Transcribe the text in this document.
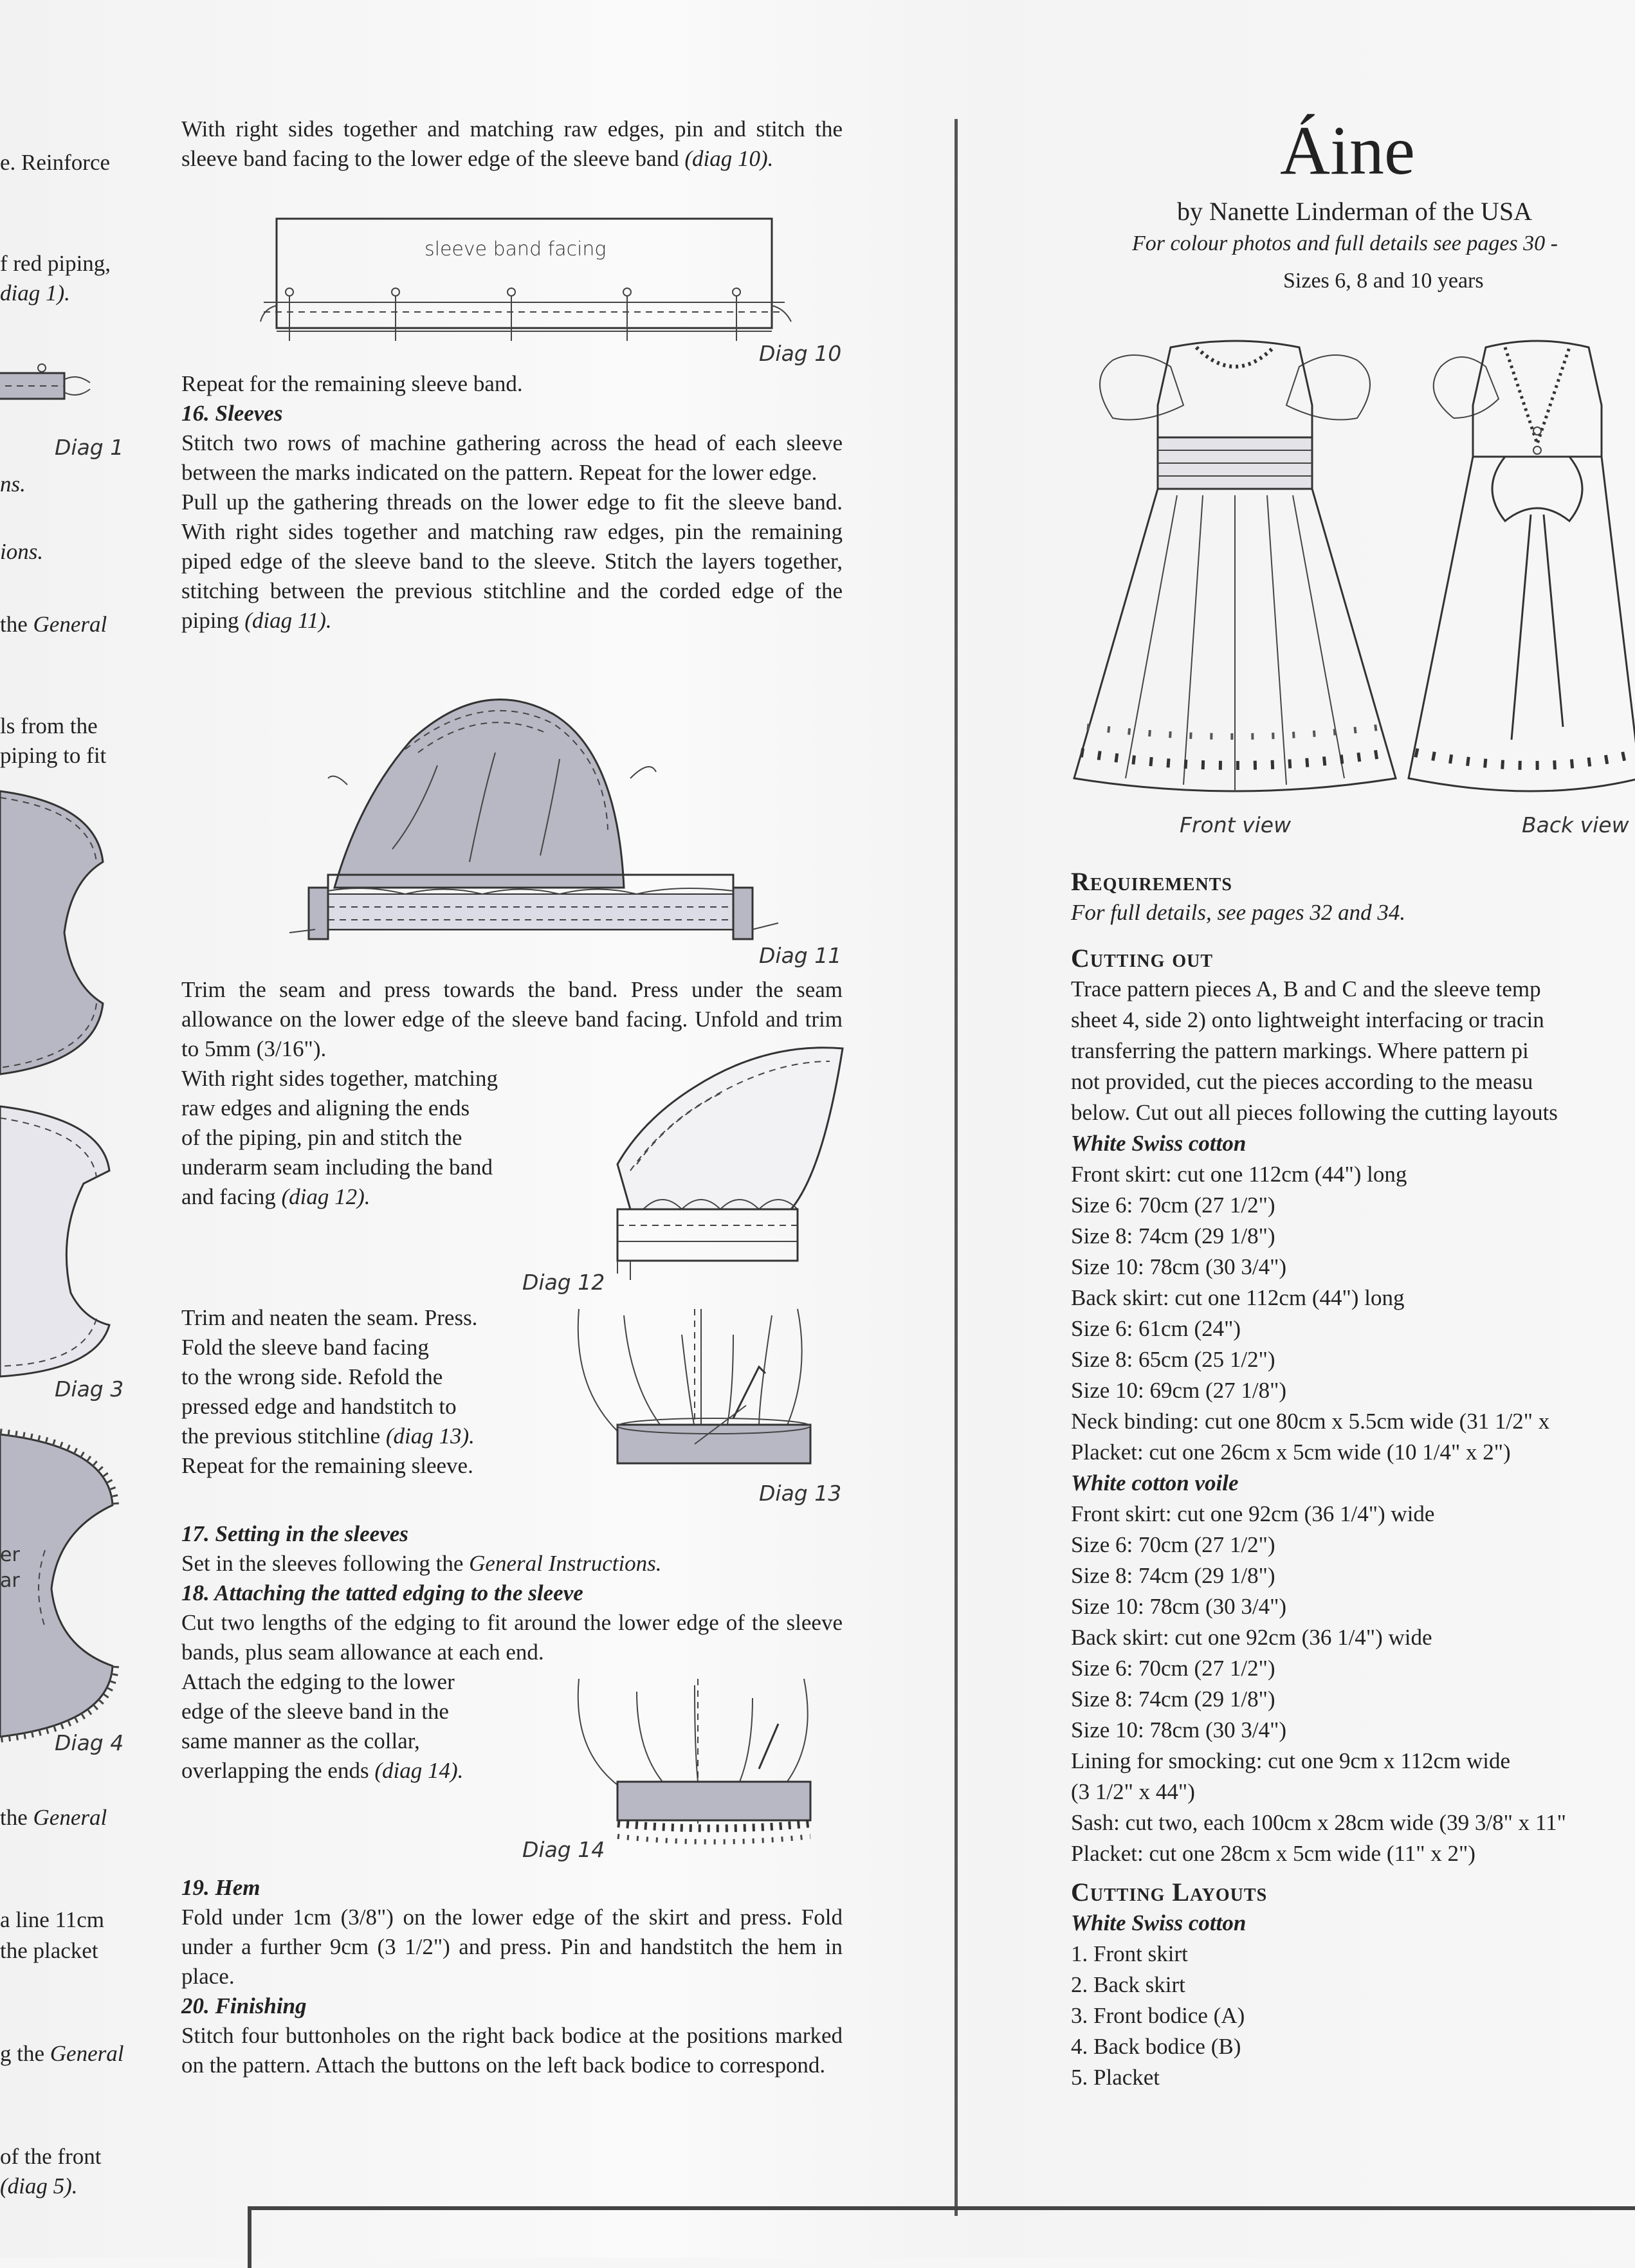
e. Reinforce
f red piping,
diag 1).
ns.
ions.
the General
ls from the
piping to fit
the General
a line 11cm
the placket
g the General
of the front
(diag 5).
Diag 1
Diag 3
er
ar
Diag 4

With right sides together and matching raw edges, pin and stitch the sleeve band facing to the lower edge of the sleeve band (diag 10).

sleeve band facing
Diag 10

Repeat for the remaining sleeve band.

16. Sleeves

Stitch two rows of machine gathering across the head of each sleeve between the marks indicated on the pattern. Repeat for the lower edge.

Pull up the gathering threads on the lower edge to fit the sleeve band. With right sides together and matching raw edges, pin the remaining piped edge of the sleeve band to the sleeve. Stitch the layers together, stitching between the previous stitchline and the corded edge of the piping (diag 11).

Diag 11

Trim the seam and press towards the band. Press under the seam allowance on the lower edge of the sleeve band facing. Unfold and trim to 5mm (3/16").

With right sides together, matching

raw edges and aligning the ends

of the piping, pin and stitch the

underarm seam including the band

and facing (diag 12).

Diag 12

Trim and neaten the seam. Press.

Fold the sleeve band facing

to the wrong side. Refold the

pressed edge and handstitch to

the previous stitchline (diag 13).

Repeat for the remaining sleeve.

Diag 13

17. Setting in the sleeves

Set in the sleeves following the General Instructions.

18. Attaching the tatted edging to the sleeve

Cut two lengths of the edging to fit around the lower edge of the sleeve bands, plus seam allowance at each end.

Attach the edging to the lower

edge of the sleeve band in the

same manner as the collar,

overlapping the ends (diag 14).

Diag 14

19. Hem

Fold under 1cm (3/8") on the lower edge of the skirt and press. Fold under a further 9cm (3 1/2") and press. Pin and handstitch the hem in place.

20. Finishing

Stitch four buttonholes on the right back bodice at the positions marked on the pattern. Attach the buttons on the left back bodice to correspond.

Áine
by Nanette Linderman of the USA
For colour photos and full details see pages 30 -
Sizes 6, 8 and 10 years
Front view	Back view

Requirements

For full details, see pages 32 and 34.

Cutting out

Trace pattern pieces A, B and C and the sleeve temp

sheet 4, side 2) onto lightweight interfacing or tracin

transferring the pattern markings. Where pattern pi

not provided, cut the pieces according to the measu

below. Cut out all pieces following the cutting layouts

White Swiss cotton

Front skirt: cut one 112cm (44") long

Size 6: 70cm (27 1/2")

Size 8: 74cm (29 1/8")

Size 10: 78cm (30 3/4")

Back skirt: cut one 112cm (44") long

Size 6: 61cm (24")

Size 8: 65cm (25 1/2")

Size 10: 69cm (27 1/8")

Neck binding: cut one 80cm x 5.5cm wide (31 1/2" x

Placket: cut one 26cm x 5cm wide (10 1/4" x 2")

White cotton voile

Front skirt: cut one 92cm (36 1/4") wide

Size 6: 70cm (27 1/2")

Size 8: 74cm (29 1/8")

Size 10: 78cm (30 3/4")

Back skirt: cut one 92cm (36 1/4") wide

Size 6: 70cm (27 1/2")

Size 8: 74cm (29 1/8")

Size 10: 78cm (30 3/4")

Lining for smocking: cut one 9cm x 112cm wide

(3 1/2" x 44")

Sash: cut two, each 100cm x 28cm wide (39 3/8" x 11"

Placket: cut one 28cm x 5cm wide (11" x 2")

Cutting Layouts

White Swiss cotton

1. Front skirt

2. Back skirt

3. Front bodice (A)

4. Back bodice (B)

5. Placket
